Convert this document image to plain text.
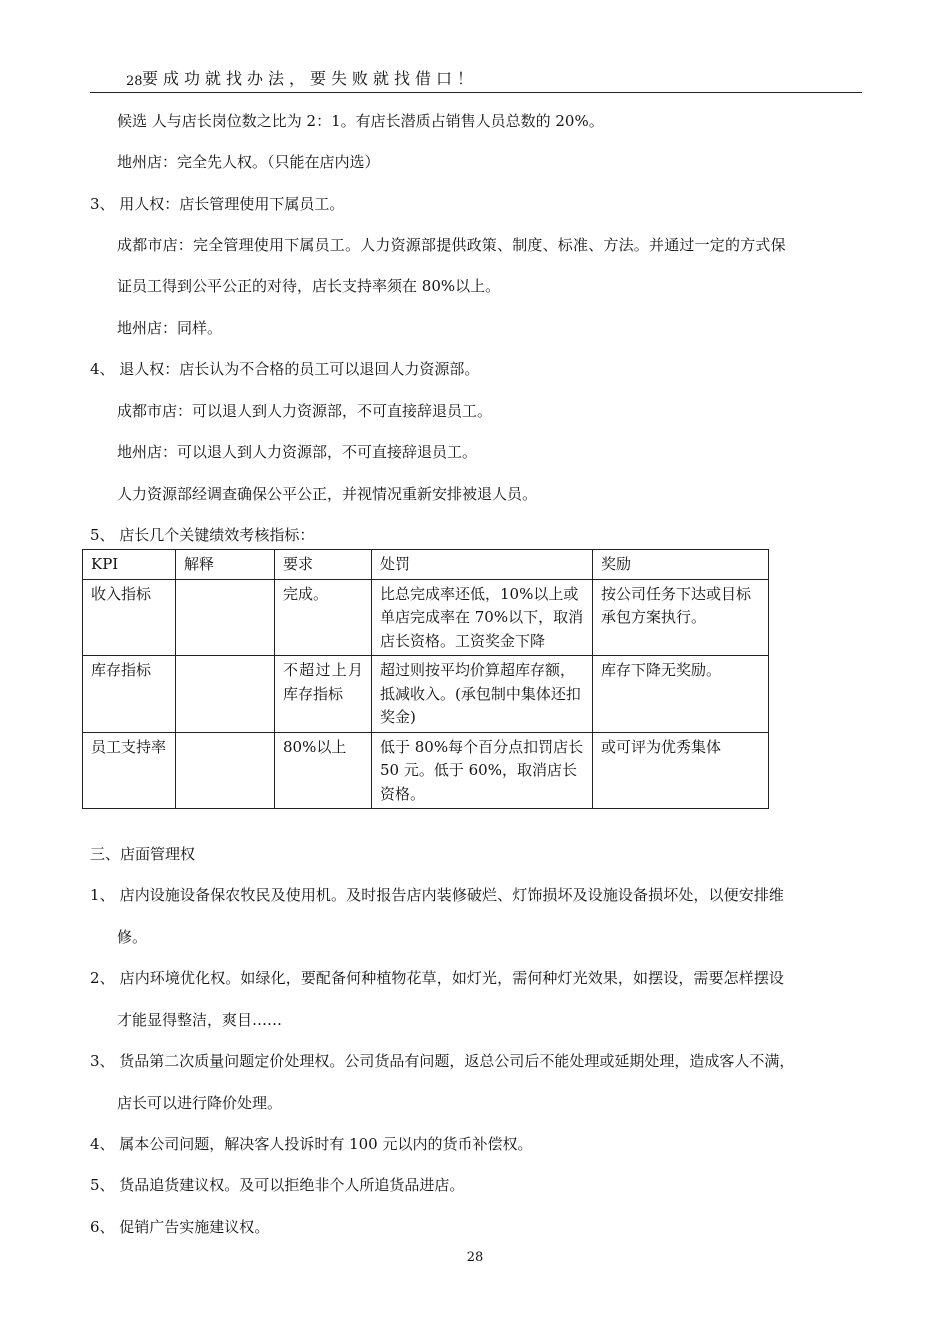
28 要成功就找办法，要失败就找借口！
候选 人与店长岗位数之比为 2：1。有店长潜质占销售人员总数的 20%。
地州店：完全先人权。（只能在店内选）
3、 用人权：店长管理使用下属员工。
成都市店：完全管理使用下属员工。人力资源部提供政策、制度、标准、方法。并通过一定的方式保
证员工得到公平公正的对待，店长支持率须在 80%以上。
地州店：同样。
4、 退人权：店长认为不合格的员工可以退回人力资源部。
成都市店：可以退人到人力资源部，不可直接辞退员工。
地州店：可以退人到人力资源部，不可直接辞退员工。
人力资源部经调查确保公平公正，并视情况重新安排被退人员。
5、 店长几个关键绩效考核指标：
KPI	解释	要求	处罚	奖励
收入指标		完成。	比总完成率还低，10%以上或单店完成率在 70%以下，取消店长资格。工资奖金下降	按公司任务下达或目标承包方案执行。
库存指标		不超过上月库存指标	超过则按平均价算超库存额，抵减收入。(承包制中集体还扣奖金)	库存下降无奖励。
员工支持率		80%以上	低于 80%每个百分点扣罚店长 50 元。低于 60%，取消店长资格。	或可评为优秀集体
三、店面管理权
1、 店内设施设备保农牧民及使用机。及时报告店内装修破烂、灯饰损坏及设施设备损坏处，以便安排维
修。
2、 店内环境优化权。如绿化，要配备何种植物花草，如灯光，需何种灯光效果，如摆设，需要怎样摆设
才能显得整洁，爽目……
3、 货品第二次质量问题定价处理权。公司货品有问题，返总公司后不能处理或延期处理，造成客人不满，
店长可以进行降价处理。
4、 属本公司问题，解决客人投诉时有 100 元以内的货币补偿权。
5、 货品追货建议权。及可以拒绝非个人所追货品进店。
6、 促销广告实施建议权。
28
